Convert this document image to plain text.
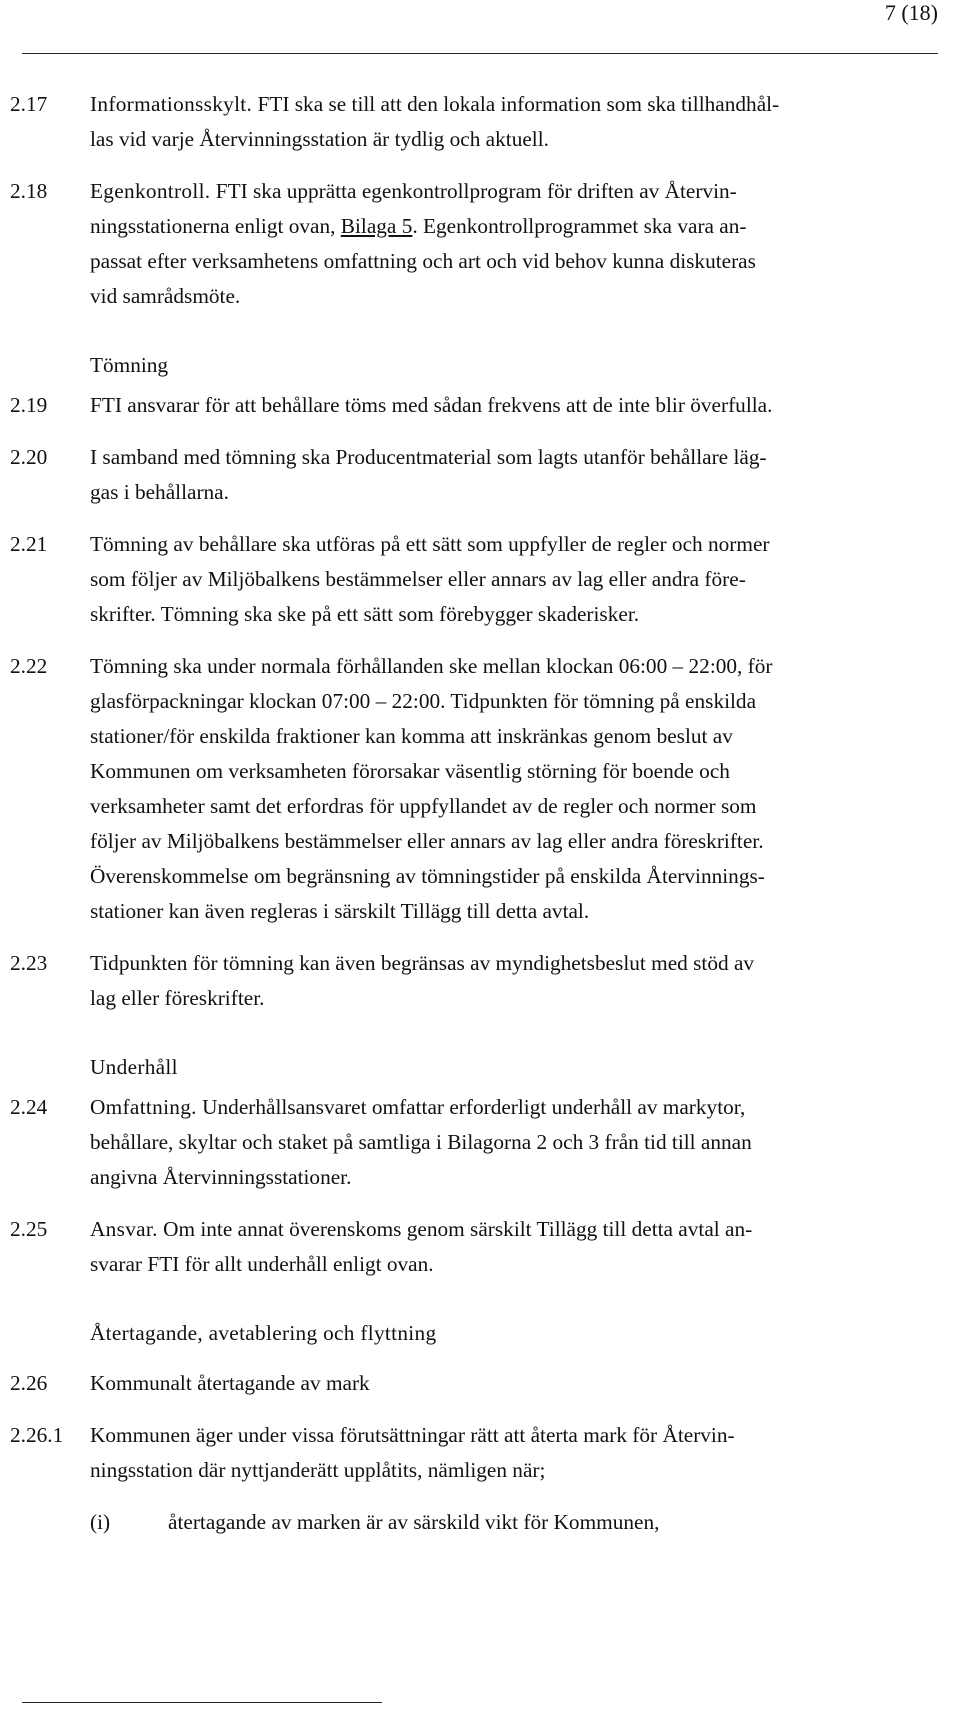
7 (18)
2.17	Informationsskylt. FTI ska se till att den lokala information som ska tillhandhål-
las vid varje Återvinningsstation är tydlig och aktuell.
2.18	Egenkontroll. FTI ska upprätta egenkontrollprogram för driften av Återvin-
ningsstationerna enligt ovan, Bilaga 5. Egenkontrollprogrammet ska vara an-
passat efter verksamhetens omfattning och art och vid behov kunna diskuteras
vid samrådsmöte.
Tömning
2.19	FTI ansvarar för att behållare töms med sådan frekvens att de inte blir överfulla.
2.20	I samband med tömning ska Producentmaterial som lagts utanför behållare läg-
gas i behållarna.
2.21	Tömning av behållare ska utföras på ett sätt som uppfyller de regler och normer
som följer av Miljöbalkens bestämmelser eller annars av lag eller andra före-
skrifter. Tömning ska ske på ett sätt som förebygger skaderisker.
2.22	Tömning ska under normala förhållanden ske mellan klockan 06:00 – 22:00, för
glasförpackningar klockan 07:00 – 22:00. Tidpunkten för tömning på enskilda
stationer/för enskilda fraktioner kan komma att inskränkas genom beslut av
Kommunen om verksamheten förorsakar väsentlig störning för boende och
verksamheter samt det erfordras för uppfyllandet av de regler och normer som
följer av Miljöbalkens bestämmelser eller annars av lag eller andra föreskrifter.
Överenskommelse om begränsning av tömningstider på enskilda Återvinnings-
stationer kan även regleras i särskilt Tillägg till detta avtal.
2.23	Tidpunkten för tömning kan även begränsas av myndighetsbeslut med stöd av
lag eller föreskrifter.
Underhåll
2.24	Omfattning. Underhållsansvaret omfattar erforderligt underhåll av markytor,
behållare, skyltar och staket på samtliga i Bilagorna 2 och 3 från tid till annan
angivna Återvinningsstationer.
2.25	Ansvar. Om inte annat överenskoms genom särskilt Tillägg till detta avtal an-
svarar FTI för allt underhåll enligt ovan.
Återtagande, avetablering och flyttning
2.26	Kommunalt återtagande av mark
2.26.1	Kommunen äger under vissa förutsättningar rätt att återta mark för Återvin-
ningsstation där nyttjanderätt upplåtits, nämligen när;
(i)	återtagande av marken är av särskild vikt för Kommunen,
